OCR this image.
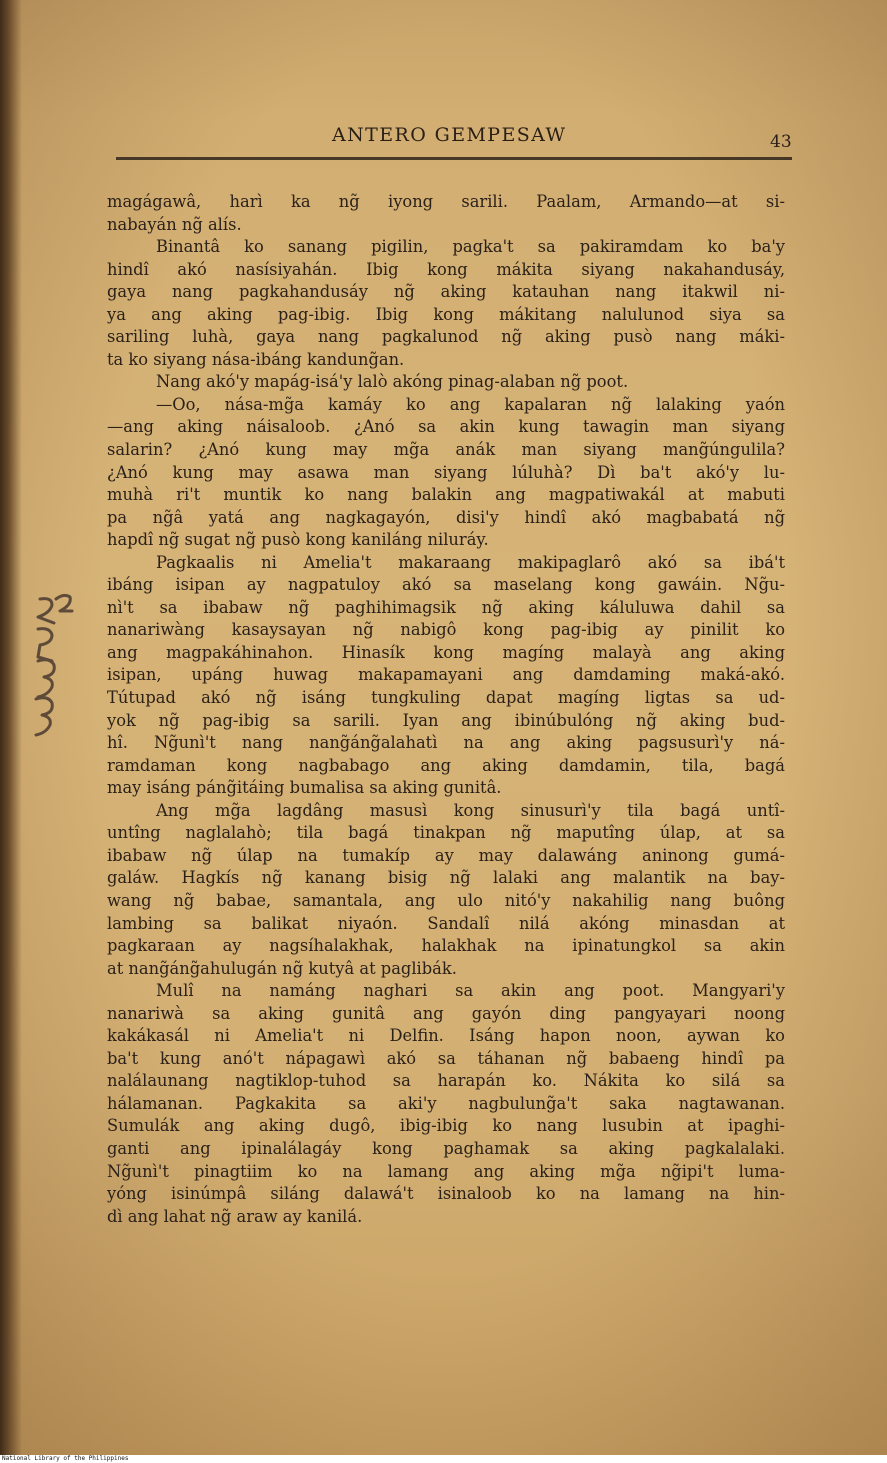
ANTERO GEMPESAW	43
magágawâ, harì ka ng̃ iyong sarili. Paalam, Armando—at si-
nabayán ng̃ alís.
Binantâ ko sanang pigilin, pagka't sa pakiramdam ko ba'y
hindî akó nasísiyahán. Ibig kong mákita siyang nakahandusáy,
gaya nang pagkahandusáy ng̃ aking katauhan nang itakwil ni-
ya ang aking pag-ibig. Ibig kong mákitang nalulunod siya sa
sariling luhà, gaya nang pagkalunod ng̃ aking pusò nang máki-
ta ko siyang násа-ibáng kandung̃an.
Nang akó'y mapág-isá'y lalò akóng pinag-alaban ng̃ poot.
—Oo, násа-mg̃a kamáy ko ang kapalaran ng̃ lalaking yaón
—ang aking náisaloob. ¿Anó sa akin kung tawagin man siyang
salarin? ¿Anó kung may mg̃a anák man siyang mang̃úngulila?
¿Anó kung may asawa man siyang lúluhà? Dì ba't akó'y lu-
muhà ri't muntik ko nang balakin ang magpatiwakál at mabuti
pa ng̃â yatá ang nagkagayón, disi'y hindî akó magbabatá ng̃
hapdî ng̃ sugat ng̃ pusò kong kaniláng niluráy.
Pagkaalis ni Amelia't makaraang makipaglarô akó sa ibá't
ibáng isipan ay nagpatuloy akó sa maselang kong gawáin. Ng̃u-
nì't sa ibabaw ng̃ paghihimagsik ng̃ aking káluluwa dahil sa
nanariwàng kasaysayan ng̃ nabigô kong pag-ibig ay pinilit ko
ang magpakáhinahon. Hinasík kong magíng malayà ang aking
isipan, upáng huwag makapamayani ang damdaming maká-akó.
Tútupad akó ng̃ isáng tungkuling dapat magíng ligtas sa ud-
yok ng̃ pag-ibig sa sarili. Iyan ang ibinúbulóng ng̃ aking bud-
hî. Ng̃unì't nang nang̃áng̃alahatì na ang aking pagsusurì'y ná-
ramdaman kong nagbabago ang aking damdamin, tila, bagá
may isáng páng̃itáing bumalisa sa aking gunitâ.
Ang mg̃a lagdâng masusì kong sinusurì'y tila bagá untî-
untîng naglalahò; tila bagá tinakpan ng̃ maputîng úlap, at sa
ibabaw ng̃ úlap na tumakíp ay may dalawáng aninong gumá-
galáw. Hagkís ng̃ kanang bisig ng̃ lalaki ang malantik na bay-
wang ng̃ babae, samantala, ang ulo nitó'y nakahilig nang buông
lambing sa balikat niyaón. Sandalî nilá akóng minasdan at
pagkaraan ay nagsíhalakhak, halakhak na ipinatungkol sa akin
at nang̃áng̃ahulugán ng̃ kutyâ at paglibák.
Mulî na namáng naghari sa akin ang poot. Mangyari'y
nanariwà sa aking gunitâ ang gayón ding pangyayari noong
kakákasál ni Amelia't ni Delfin. Isáng hapon noon, aywan ko
ba't kung anó't nápagawì akó sa táhanan ng̃ babaeng hindî pa
nalálaunang nagtiklop-tuhod sa harapán ko. Nákita ko silá sa
hálamanan. Pagkakita sa aki'y nagbulung̃a't saka nagtawanan.
Sumulák ang aking dugô, ibig-ibig ko nang lusubin at ipaghi-
ganti ang ipinalálagáy kong paghamak sa aking pagkalalaki.
Ng̃unì't pinagtiim ko na lamang ang aking mg̃a ng̃ipi't luma-
yóng isinúmpâ siláng dalawá't isinaloob ko na lamang na hin-
dì ang lahat ng̃ araw ay kanilá.
National Library of the Philippines
